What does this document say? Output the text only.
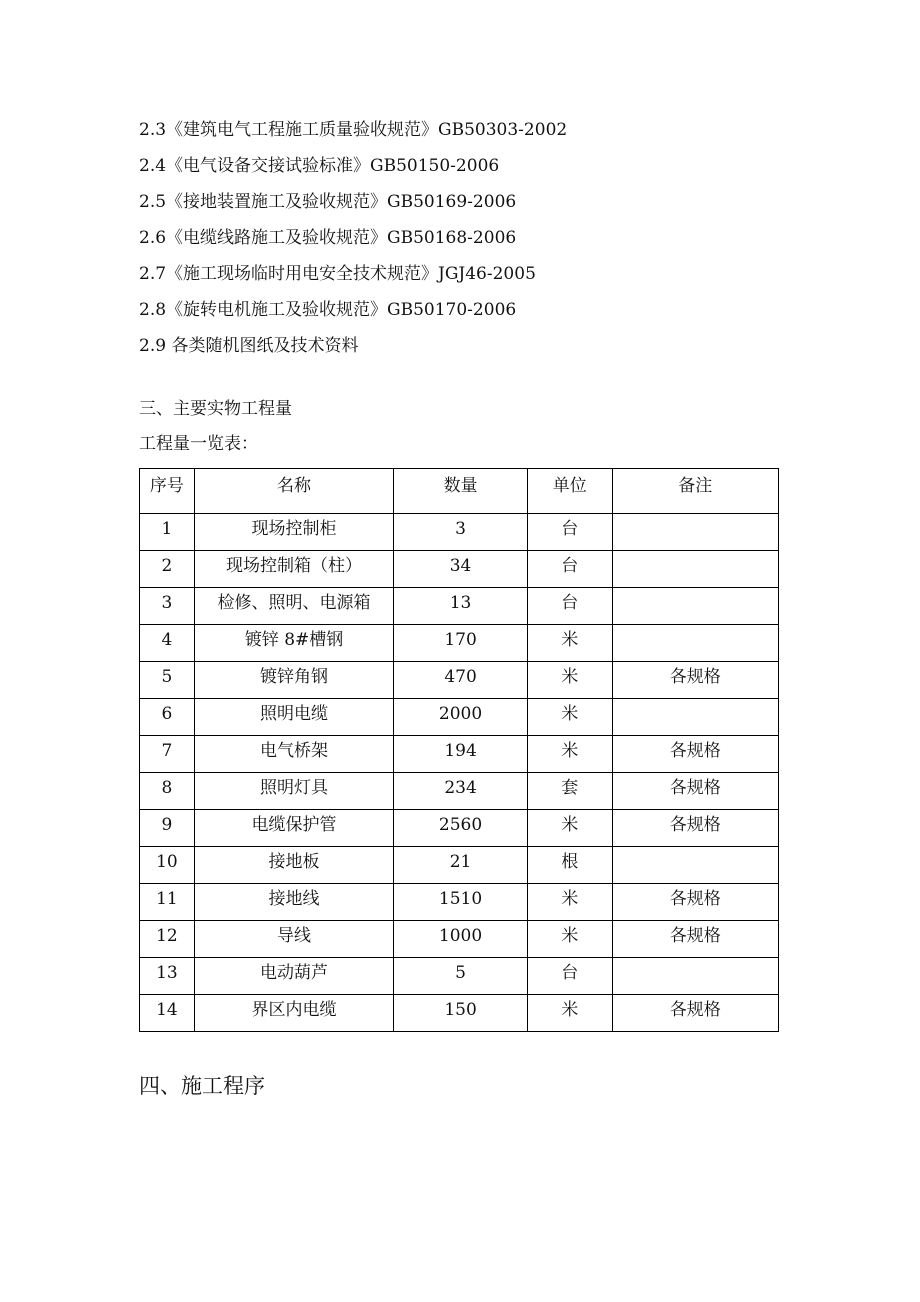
2.3《建筑电气工程施工质量验收规范》GB50303-2002
2.4《电气设备交接试验标准》GB50150-2006
2.5《接地装置施工及验收规范》GB50169-2006
2.6《电缆线路施工及验收规范》GB50168-2006
2.7《施工现场临时用电安全技术规范》JGJ46-2005
2.8《旋转电机施工及验收规范》GB50170-2006
2.9 各类随机图纸及技术资料
三、主要实物工程量
工程量一览表：
序号	名称	数量	单位	备注
1	现场控制柜	3	台	
2	现场控制箱（柱）	34	台	
3	检修、照明、电源箱	13	台	
4	镀锌 8#槽钢	170	米	
5	镀锌角钢	470	米	各规格
6	照明电缆	2000	米	
7	电气桥架	194	米	各规格
8	照明灯具	234	套	各规格
9	电缆保护管	2560	米	各规格
10	接地板	21	根	
11	接地线	1510	米	各规格
12	导线	1000	米	各规格
13	电动葫芦	5	台	
14	界区内电缆	150	米	各规格
四、施工程序
